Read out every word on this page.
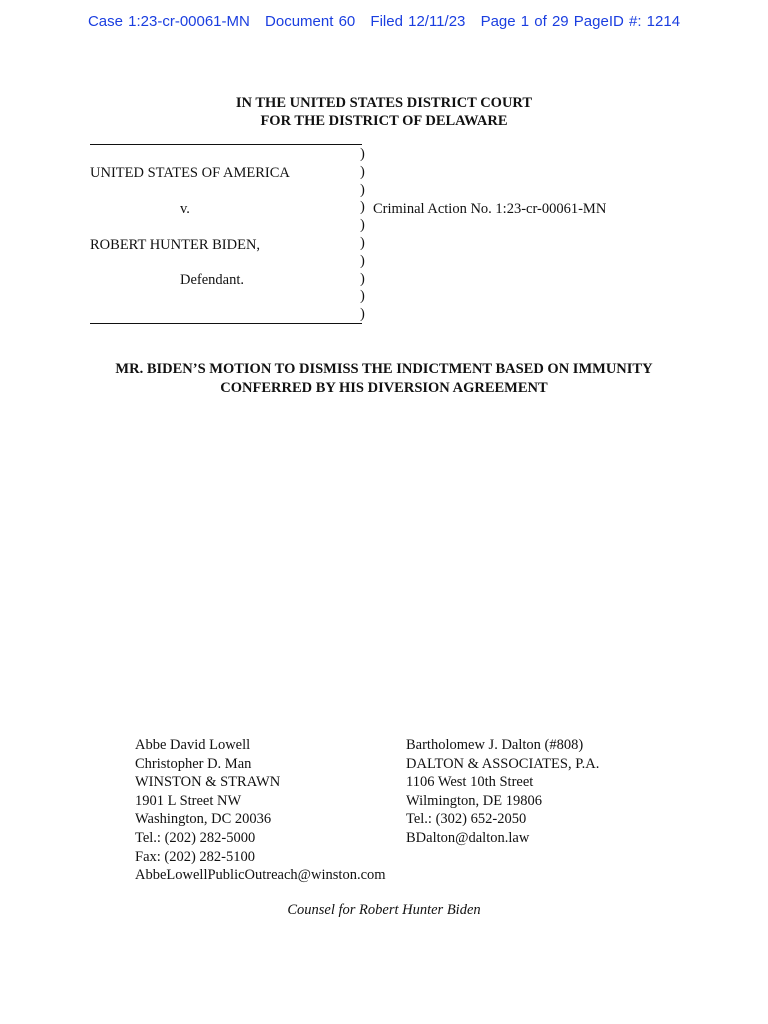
Case 1:23-cr-00061-MN Document 60 Filed 12/11/23 Page 1 of 29 PageID #: 1214
IN THE UNITED STATES DISTRICT COURT
FOR THE DISTRICT OF DELAWARE
)
)
)
)
)
)
)
)
)
)
UNITED STATES OF AMERICA
v.	Criminal Action No. 1:23-cr-00061-MN
ROBERT HUNTER BIDEN,
Defendant.
MR. BIDEN’S MOTION TO DISMISS THE INDICTMENT BASED ON IMMUNITY
CONFERRED BY HIS DIVERSION AGREEMENT
Abbe David Lowell
Christopher D. Man
WINSTON & STRAWN
1901 L Street NW
Washington, DC 20036
Tel.: (202) 282-5000
Fax: (202) 282-5100
AbbeLowellPublicOutreach@winston.com
Bartholomew J. Dalton (#808)
DALTON & ASSOCIATES, P.A.
1106 West 10th Street
Wilmington, DE 19806
Tel.: (302) 652-2050
BDalton@dalton.law
Counsel for Robert Hunter Biden
